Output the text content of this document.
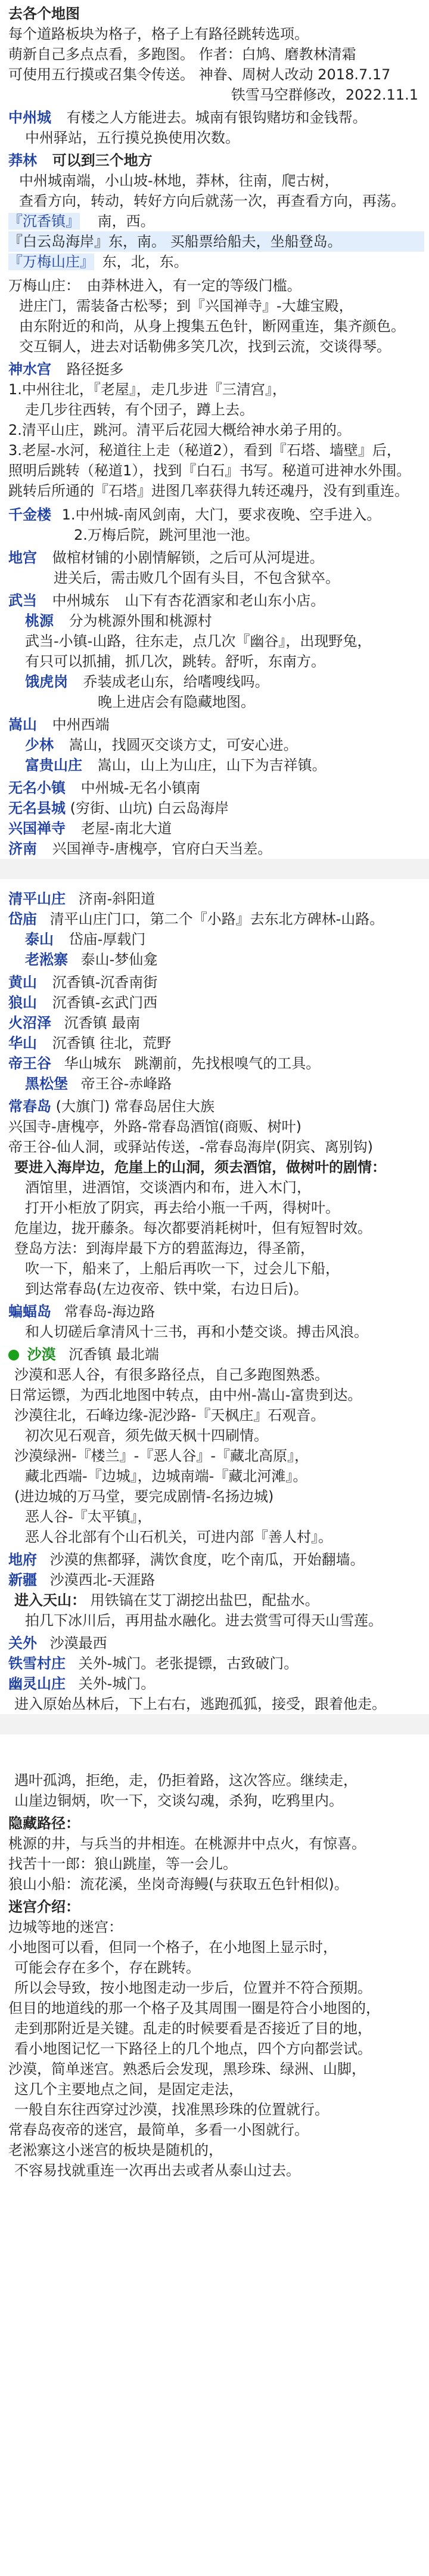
去各个地图
每个道路板块为格子，格子上有路径跳转选项。
萌新自己多点点看，多跑图。 作者：白鸠、磨教林清霜
可使用五行摸或召集令传送。 神眷、周树人改动 2018.7.17
铁雪马空群修改，2022.11.1
中州城 有楼之人方能进去。城南有银钩赌坊和金钱帮。
中州驿站，五行摸兑换使用次数。
莽林 可以到三个地方
中州城南端，小山坡-林地，莽林，往南，爬古树，
查看方向，转动，转好方向后就荡一次，再查看方向，再荡。
『沉香镇』 南，西。
『白云岛海岸』东，南。 买船票给船夫，坐船登岛。
『万梅山庄』 东，北，东。
万梅山庄： 由莽林进入，有一定的等级门槛。
进庄门，需装备古松琴；到『兴国禅寺』-大雄宝殿，
由东附近的和尚，从身上搜集五色针，断网重连，集齐颜色。
交互铜人，进去对话勒佛多笑几次，找到云流，交谈得琴。
神水宫 路径挺多
1.中州往北，『老屋』，走几步进『三清宫』，
走几步往西转，有个団子，蹲上去。
2.清平山庄，跳河。清平后花园大概给神水弟子用的。
3.老屋-水河，秘道往上走（秘道2），看到『石塔、墙壁』后，
照明后跳转（秘道1），找到『白石』书写。秘道可进神水外围。
跳转后所通的『石塔』进图几率获得九转还魂丹，没有到重连。
千金楼 1.中州城-南风剑南，大门，要求夜晚、空手进入。
2.万梅后院，跳河里池一池。
地宫 做棺材铺的小剧情解锁，之后可从河堤进。
进关后，需击败几个固有头目，不包含狱卒。
武当 中州城东 山下有杏花酒家和老山东小店。
桃源 分为桃源外围和桃源村
武当-小镇-山路，往东走，点几次『幽谷』，出现野兔，
有只可以抓捕，抓几次，跳转。舒听，东南方。
饿虎岗 乔装成老山东，给嗜嗖线吗。
晚上进店会有隐藏地图。
嵩山 中州西端
少林 嵩山，找圆灭交谈方丈，可安心进。
富贵山庄 嵩山，山上为山庄，山下为吉祥镇。
无名小镇 中州城-无名小镇南
无名县城 (穷街、山坑) 白云岛海岸
兴国禅寺 老屋-南北大道
济南 兴国禅寺-唐槐亭，官府白天当差。
清平山庄 济南-斜阳道
岱庙 清平山庄门口，第二个『小路』去东北方碑林-山路。
泰山 岱庙-厚载门
老淞寨 泰山-梦仙龛
黄山 沉香镇-沉香南街
狼山 沉香镇-玄武门西
火沼泽 沉香镇 最南
华山 沉香镇 往北，荒野
帝王谷 华山城东 跳潮前，先找根嗅气的工具。
黑松堡 帝王谷-赤峰路
常春岛 (大旗门) 常春岛居住大族
兴国寺-唐槐亭，外路-常春岛酒馆(商贩、树叶)
帝王谷-仙人洞，或驿站传送，-常春岛海岸(阴宾、离别钩)
要进入海岸边，危崖上的山洞，须去酒馆，做树叶的剧情：
酒馆里，进酒馆，交谈酒内和布，进入木门，
打开小柜放了阴宾，再去给小瓶一千两，得树叶。
危崖边，拢开藤条。每次都要消耗树叶，但有短智时效。
登岛方法：到海岸最下方的碧蓝海边，得圣箭，
吹一下，船来了，上船后再吹一下，过会儿下船，
到达常春岛(左边夜帝、铁中棠，右边日后)。
蝙蝠岛 常春岛-海边路
和人切磋后拿清风十三书，再和小楚交谈。搏击风浪。
沙漠 沉香镇 最北端
沙漠和恶人谷，有很多路径点，自己多跑图熟悉。
日常运镖，为西北地图中转点，由中州-嵩山-富贵到达。
沙漠往北，石峰边缘-泥沙路-『天枫庄』石观音。
初次见石观音，须先做天枫十四刷情。
沙漠绿洲-『楼兰』-『恶人谷』-『藏北高原』，
藏北西端-『边城』，边城南端-『藏北河滩』。
(进边城的万马堂，要完成剧情-名扬边城)
恶人谷-『太平镇』，
恶人谷北部有个山石机关，可进内部『善人村』。
地府 沙漠的焦都驿，满饮食度，吃个南瓜，开始翻墙。
新疆 沙漠西北-天涯路
进入天山： 用铁镐在艾丁湖挖出盐巴，配盐水。
拍几下冰川后，再用盐水融化。进去赏雪可得天山雪莲。
关外 沙漠最西
铁雪村庄 关外-城门。老张提镖，古致破门。
幽灵山庄 关外-城门。
进入原始丛林后，下上右右，逃跑孤狐，接受，跟着他走。
遇叶孤鸿，拒绝，走，仍拒着路，这次答应。继续走，
山崖边铜炳，吹一下，交谈勾魂，杀狗，吃鸦里内。
隐藏路径：
桃源的井，与兵当的井相连。在桃源井中点火，有惊喜。
找苦十一郎：狼山跳崖，等一会儿。
狼山小船：流花溪，坐岗奇海鳗(与获取五色针相似)。
迷宫介绍：
边城等地的迷宫：
小地图可以看，但同一个格子，在小地图上显示时，
可能会存在多个，存在跳转。
所以会导致，按小地图走动一步后，位置并不符合预期。
但目的地道线的那一个格子及其周围一圈是符合小地图的，
走到那附近是关键。乱走的时候要看是否接近了目的地，
看小地图记忆一下路径上的几个地点，四个方向都尝试。
沙漠，简单迷宫。熟悉后会发现，黑珍珠、绿洲、山脚，
这几个主要地点之间，是固定走法，
一般自东往西穿过沙漠，找准黑珍珠的位置就行。
常春岛夜帝的迷宫，最简单，多看一小图就行。
老淞寨这小迷宫的板块是随机的，
不容易找就重连一次再出去或者从泰山过去。
